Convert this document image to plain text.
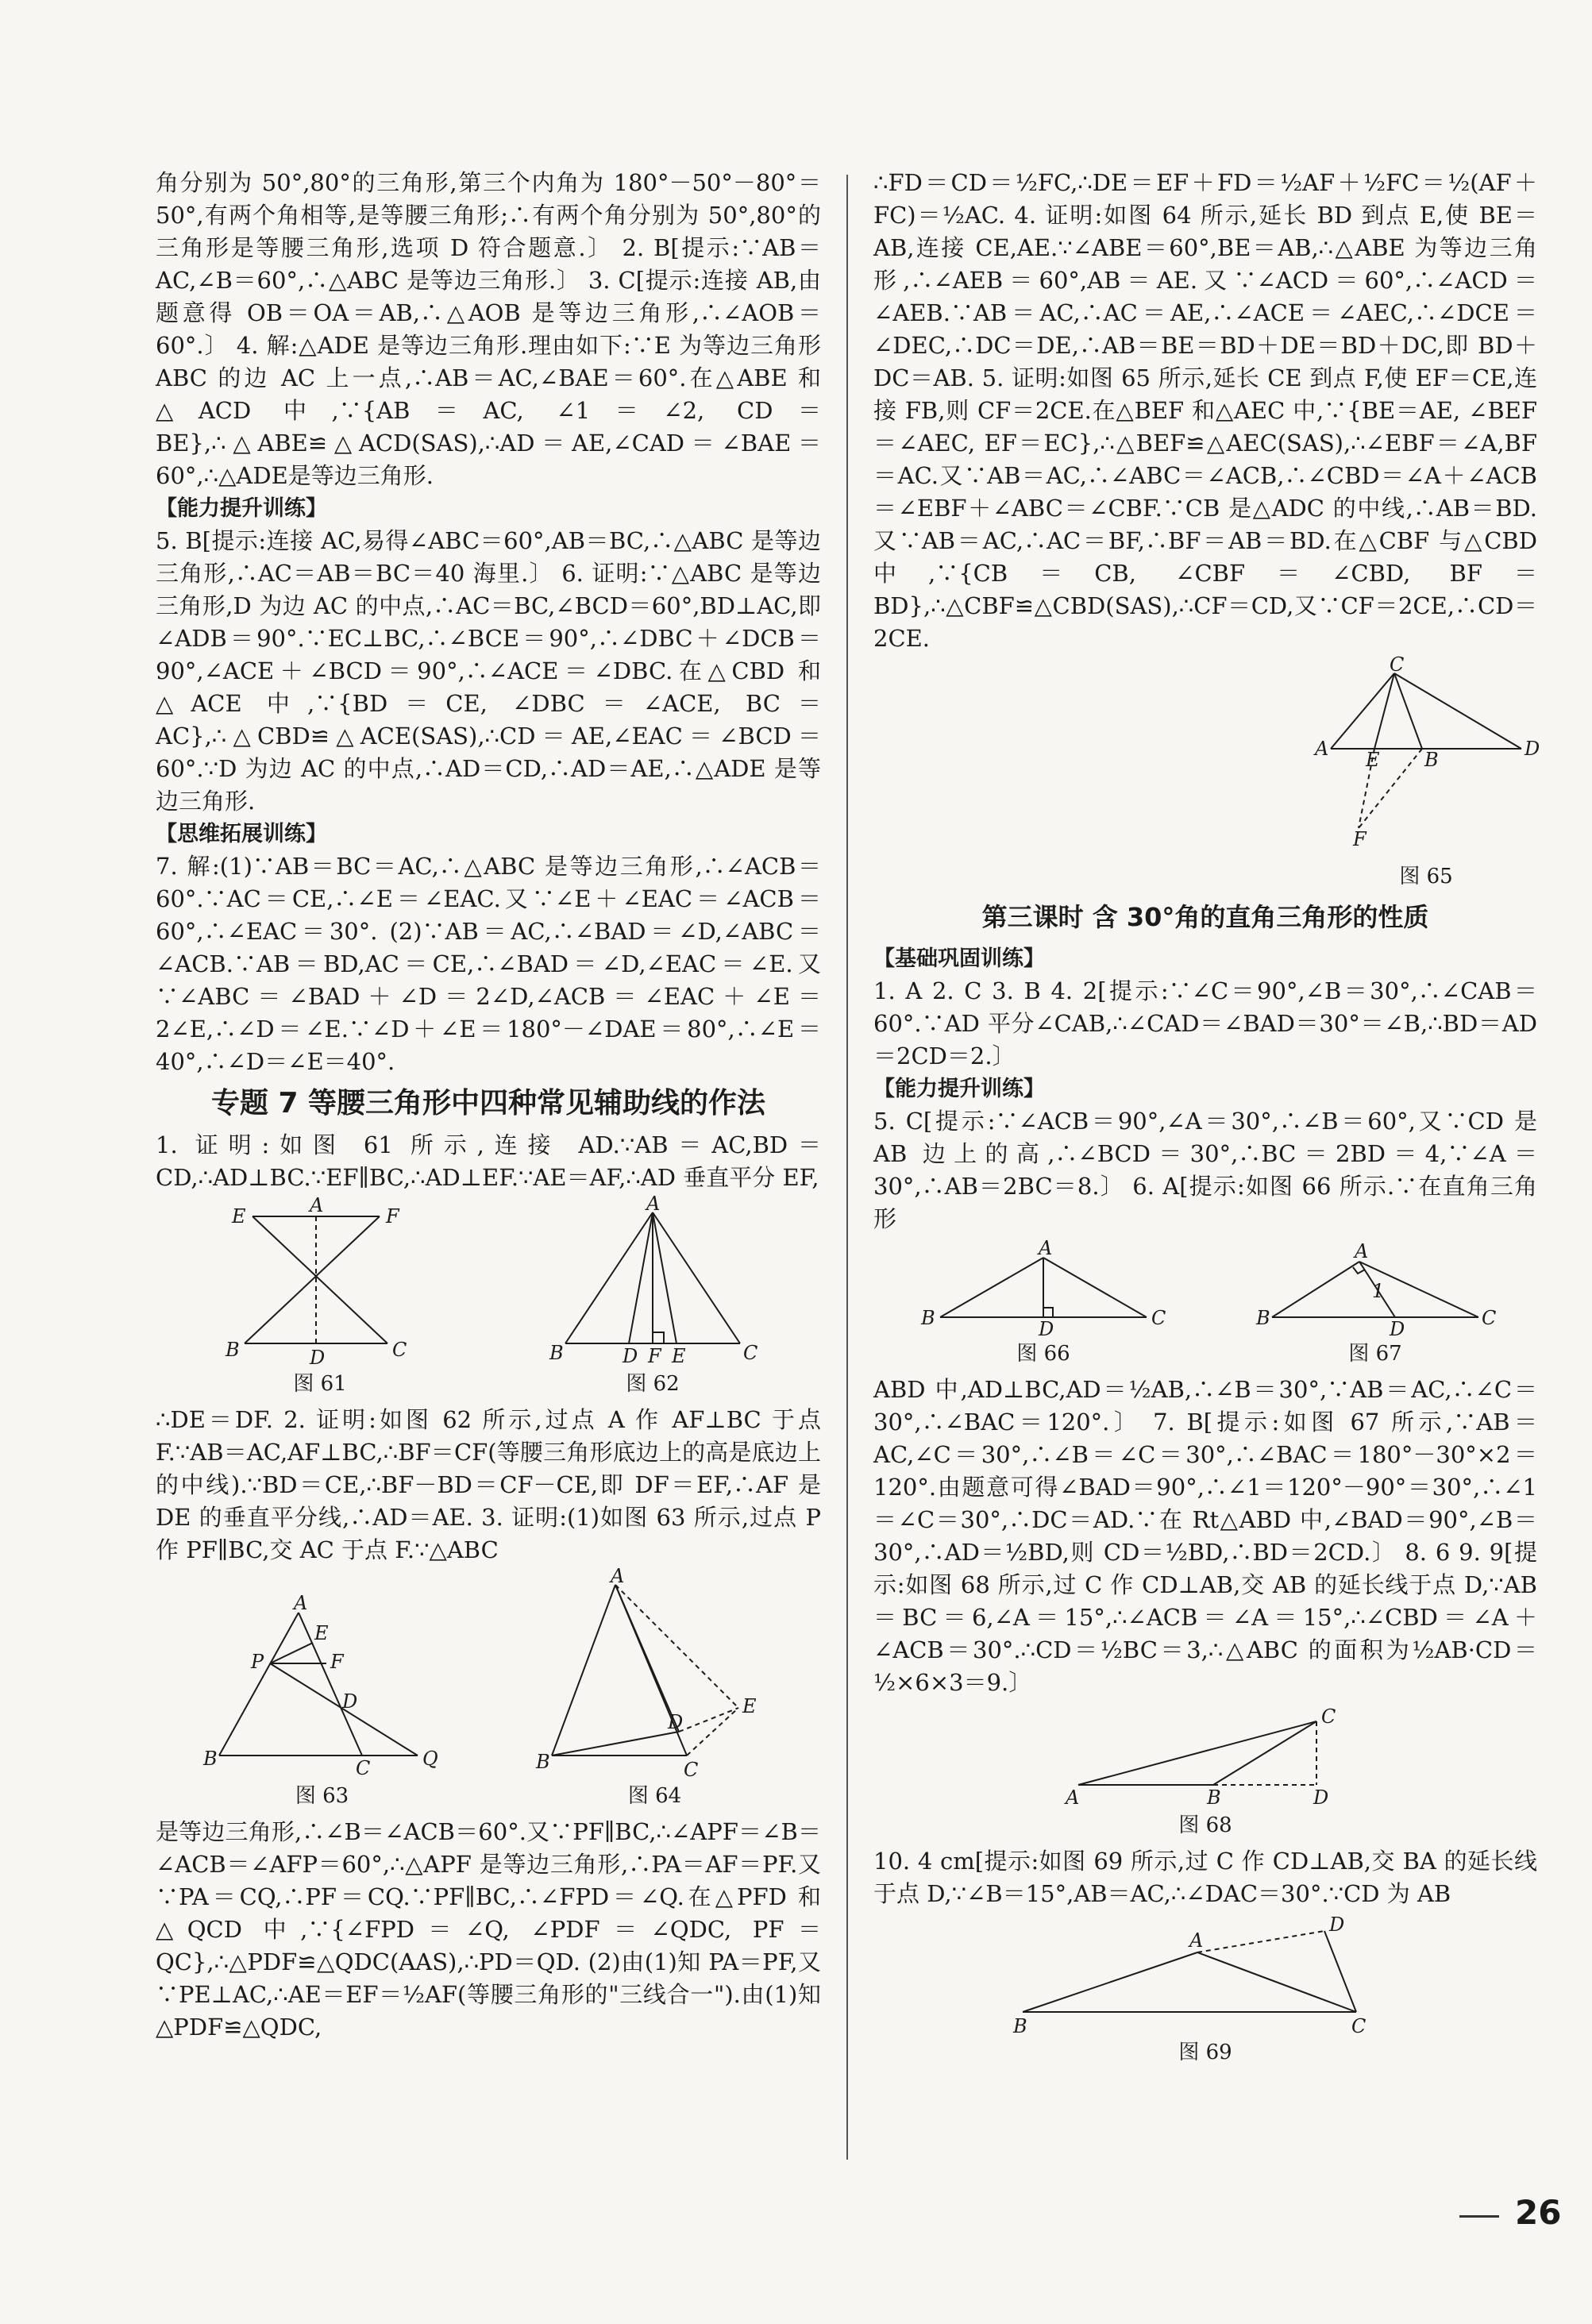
角分别为 50°,80°的三角形,第三个内角为 180°－50°－80°＝50°,有两个角相等,是等腰三角形;∴有两个角分别为 50°,80°的三角形是等腰三角形,选项 D 符合题意.〕 2. B[提示:∵AB＝AC,∠B＝60°,∴△ABC 是等边三角形.〕 3. C[提示:连接 AB,由题意得 OB＝OA＝AB,∴△AOB 是等边三角形,∴∠AOB＝60°.〕 4. 解:△ADE 是等边三角形.理由如下:∵E 为等边三角形 ABC 的边 AC 上一点,∴AB＝AC,∠BAE＝60°.在△ABE 和△ACD 中,∵{AB＝AC, ∠1＝∠2, CD＝BE},∴△ABE≌△ACD(SAS),∴AD＝AE,∠CAD＝∠BAE＝60°,∴△ADE是等边三角形.

【能力提升训练】

5. B[提示:连接 AC,易得∠ABC＝60°,AB＝BC,∴△ABC 是等边三角形,∴AC＝AB＝BC＝40 海里.〕 6. 证明:∵△ABC 是等边三角形,D 为边 AC 的中点,∴AC＝BC,∠BCD＝60°,BD⊥AC,即∠ADB＝90°.∵EC⊥BC,∴∠BCE＝90°,∴∠DBC＋∠DCB＝90°,∠ACE＋∠BCD＝90°,∴∠ACE＝∠DBC.在△CBD 和△ACE 中,∵{BD＝CE, ∠DBC＝∠ACE, BC＝AC},∴△CBD≌△ACE(SAS),∴CD＝AE,∠EAC＝∠BCD＝60°.∵D 为边 AC 的中点,∴AD＝CD,∴AD＝AE,∴△ADE 是等边三角形.

【思维拓展训练】

7. 解:(1)∵AB＝BC＝AC,∴△ABC 是等边三角形,∴∠ACB＝60°.∵AC＝CE,∴∠E＝∠EAC.又∵∠E＋∠EAC＝∠ACB＝60°,∴∠EAC＝30°. (2)∵AB＝AC,∴∠BAD＝∠D,∠ABC＝∠ACB.∵AB＝BD,AC＝CE,∴∠BAD＝∠D,∠EAC＝∠E.又∵∠ABC＝∠BAD＋∠D＝2∠D,∠ACB＝∠EAC＋∠E＝2∠E,∴∠D＝∠E.∵∠D＋∠E＝180°－∠DAE＝80°,∴∠E＝40°,∴∠D＝∠E＝40°.

专题 7 等腰三角形中四种常见辅助线的作法

1. 证明:如图 61 所示,连接 AD.∵AB＝AC,BD＝CD,∴AD⊥BC.∵EF∥BC,∴AD⊥EF.∵AE＝AF,∴AD 垂直平分 EF,

E	A	F
B	D	C
图 61
A
B	D F E	C
图 62

∴DE＝DF. 2. 证明:如图 62 所示,过点 A 作 AF⊥BC 于点 F.∵AB＝AC,AF⊥BC,∴BF＝CF(等腰三角形底边上的高是底边上的中线).∵BD＝CE,∴BF－BD＝CF－CE,即 DF＝EF,∴AF 是 DE 的垂直平分线,∴AD＝AE. 3. 证明:(1)如图 63 所示,过点 P 作 PF∥BC,交 AC 于点 F.∵△ABC

A
E
P	F
D
B	C	Q
图 63
A
B
D
E
C
图 64

是等边三角形,∴∠B＝∠ACB＝60°.又∵PF∥BC,∴∠APF＝∠B＝∠ACB＝∠AFP＝60°,∴△APF 是等边三角形,∴PA＝AF＝PF.又∵PA＝CQ,∴PF＝CQ.∵PF∥BC,∴∠FPD＝∠Q.在△PFD 和△QCD 中,∵{∠FPD＝∠Q, ∠PDF＝∠QDC, PF＝QC},∴△PDF≌△QDC(AAS),∴PD＝QD. (2)由(1)知 PA＝PF,又∵PE⊥AC,∴AE＝EF＝½AF(等腰三角形的"三线合一").由(1)知△PDF≌△QDC,

∴FD＝CD＝½FC,∴DE＝EF＋FD＝½AF＋½FC＝½(AF＋FC)＝½AC. 4. 证明:如图 64 所示,延长 BD 到点 E,使 BE＝AB,连接 CE,AE.∵∠ABE＝60°,BE＝AB,∴△ABE 为等边三角形,∴∠AEB＝60°,AB＝AE.又∵∠ACD＝60°,∴∠ACD＝∠AEB.∵AB＝AC,∴AC＝AE,∴∠ACE＝∠AEC,∴∠DCE＝∠DEC,∴DC＝DE,∴AB＝BE＝BD＋DE＝BD＋DC,即 BD＋DC＝AB. 5. 证明:如图 65 所示,延长 CE 到点 F,使 EF＝CE,连接 FB,则 CF＝2CE.在△BEF 和△AEC 中,∵{BE＝AE, ∠BEF＝∠AEC, EF＝EC},∴△BEF≌△AEC(SAS),∴∠EBF＝∠A,BF＝AC.又∵AB＝AC,∴∠ABC＝∠ACB,∴∠CBD＝∠A＋∠ACB＝∠EBF＋∠ABC＝∠CBF.∵CB 是△ADC 的中线,∴AB＝BD.又∵AB＝AC,∴AC＝BF,∴BF＝AB＝BD.在△CBF 与△CBD 中,∵{CB＝CB, ∠CBF＝∠CBD, BF＝BD},∴△CBF≌△CBD(SAS),∴CF＝CD,又∵CF＝2CE,∴CD＝2CE.

C
A E B	D
F
图 65
第三课时 含 30°角的直角三角形的性质
【基础巩固训练】

1. A 2. C 3. B 4. 2[提示:∵∠C＝90°,∠B＝30°,∴∠CAB＝60°.∵AD 平分∠CAB,∴∠CAD＝∠BAD＝30°＝∠B,∴BD＝AD＝2CD＝2.〕

【能力提升训练】

5. C[提示:∵∠ACB＝90°,∠A＝30°,∴∠B＝60°,又∵CD 是 AB 边上的高,∴∠BCD＝30°,∴BC＝2BD＝4,∵∠A＝30°,∴AB＝2BC＝8.〕 6. A[提示:如图 66 所示.∵在直角三角形

A
B	D	C
图 66
A
1
B	D	C
图 67

ABD 中,AD⊥BC,AD＝½AB,∴∠B＝30°,∵AB＝AC,∴∠C＝30°,∴∠BAC＝120°.〕 7. B[提示:如图 67 所示,∵AB＝AC,∠C＝30°,∴∠B＝∠C＝30°,∴∠BAC＝180°－30°×2＝120°.由题意可得∠BAD＝90°,∴∠1＝120°－90°＝30°,∴∠1＝∠C＝30°,∴DC＝AD.∵在 Rt△ABD 中,∠BAD＝90°,∠B＝30°,∴AD＝½BD,则 CD＝½BD,∴BD＝2CD.〕 8. 6 9. 9[提示:如图 68 所示,过 C 作 CD⊥AB,交 AB 的延长线于点 D,∵AB＝BC＝6,∠A＝15°,∴∠ACB＝∠A＝15°,∴∠CBD＝∠A＋∠ACB＝30°.∴CD＝½BC＝3,∴△ABC 的面积为½AB·CD＝½×6×3＝9.〕

C
A	B	D
图 68

10. 4 cm[提示:如图 69 所示,过 C 作 CD⊥AB,交 BA 的延长线于点 D,∵∠B＝15°,AB＝AC,∴∠DAC＝30°.∵CD 为 AB

D
A
B	C
图 69
26
